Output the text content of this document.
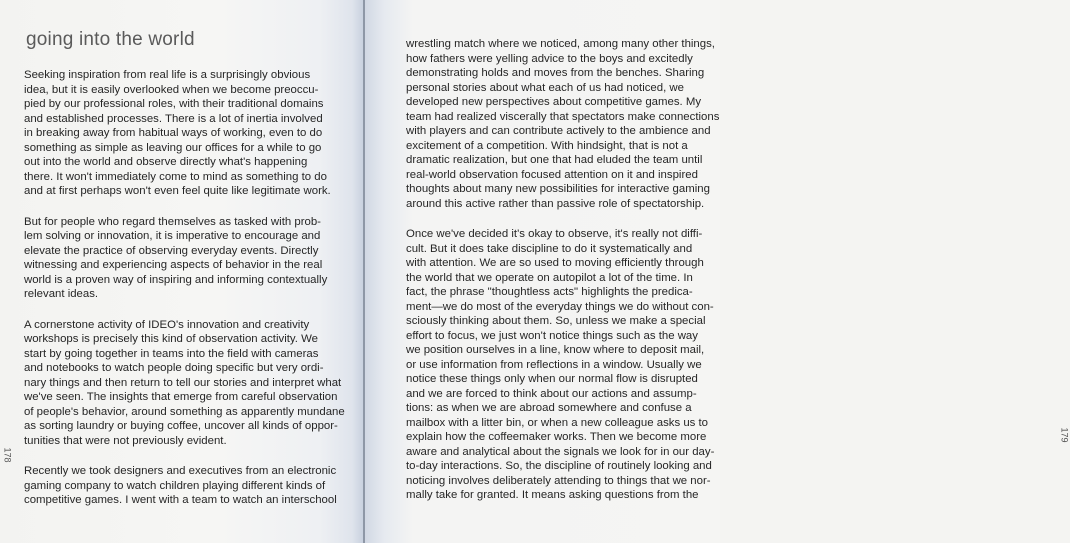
going into the world

Seeking inspiration from real life is a surprisingly obvious
idea, but it is easily overlooked when we become preoccu-
pied by our professional roles, with their traditional domains
and established processes. There is a lot of inertia involved
in breaking away from habitual ways of working, even to do
something as simple as leaving our offices for a while to go
out into the world and observe directly what's happening
there. It won't immediately come to mind as something to do
and at first perhaps won't even feel quite like legitimate work.

But for people who regard themselves as tasked with prob-
lem solving or innovation, it is imperative to encourage and
elevate the practice of observing everyday events. Directly
witnessing and experiencing aspects of behavior in the real
world is a proven way of inspiring and informing contextually
relevant ideas.

A cornerstone activity of IDEO's innovation and creativity
workshops is precisely this kind of observation activity. We
start by going together in teams into the field with cameras
and notebooks to watch people doing specific but very ordi-
nary things and then return to tell our stories and interpret what
we've seen. The insights that emerge from careful observation
of people's behavior, around something as apparently mundane
as sorting laundry or buying coffee, uncover all kinds of oppor-
tunities that were not previously evident.

Recently we took designers and executives from an electronic
gaming company to watch children playing different kinds of
competitive games. I went with a team to watch an interschool

178
179

wrestling match where we noticed, among many other things,
how fathers were yelling advice to the boys and excitedly
demonstrating holds and moves from the benches. Sharing
personal stories about what each of us had noticed, we
developed new perspectives about competitive games. My
team had realized viscerally that spectators make connections
with players and can contribute actively to the ambience and
excitement of a competition. With hindsight, that is not a
dramatic realization, but one that had eluded the team until
real-world observation focused attention on it and inspired
thoughts about many new possibilities for interactive gaming
around this active rather than passive role of spectatorship.

Once we've decided it's okay to observe, it's really not diffi-
cult. But it does take discipline to do it systematically and
with attention. We are so used to moving efficiently through
the world that we operate on autopilot a lot of the time. In
fact, the phrase "thoughtless acts" highlights the predica-
ment—we do most of the everyday things we do without con-
sciously thinking about them. So, unless we make a special
effort to focus, we just won't notice things such as the way
we position ourselves in a line, know where to deposit mail,
or use information from reflections in a window. Usually we
notice these things only when our normal flow is disrupted
and we are forced to think about our actions and assump-
tions: as when we are abroad somewhere and confuse a
mailbox with a litter bin, or when a new colleague asks us to
explain how the coffeemaker works. Then we become more
aware and analytical about the signals we look for in our day-
to-day interactions. So, the discipline of routinely looking and
noticing involves deliberately attending to things that we nor-
mally take for granted. It means asking questions from the
